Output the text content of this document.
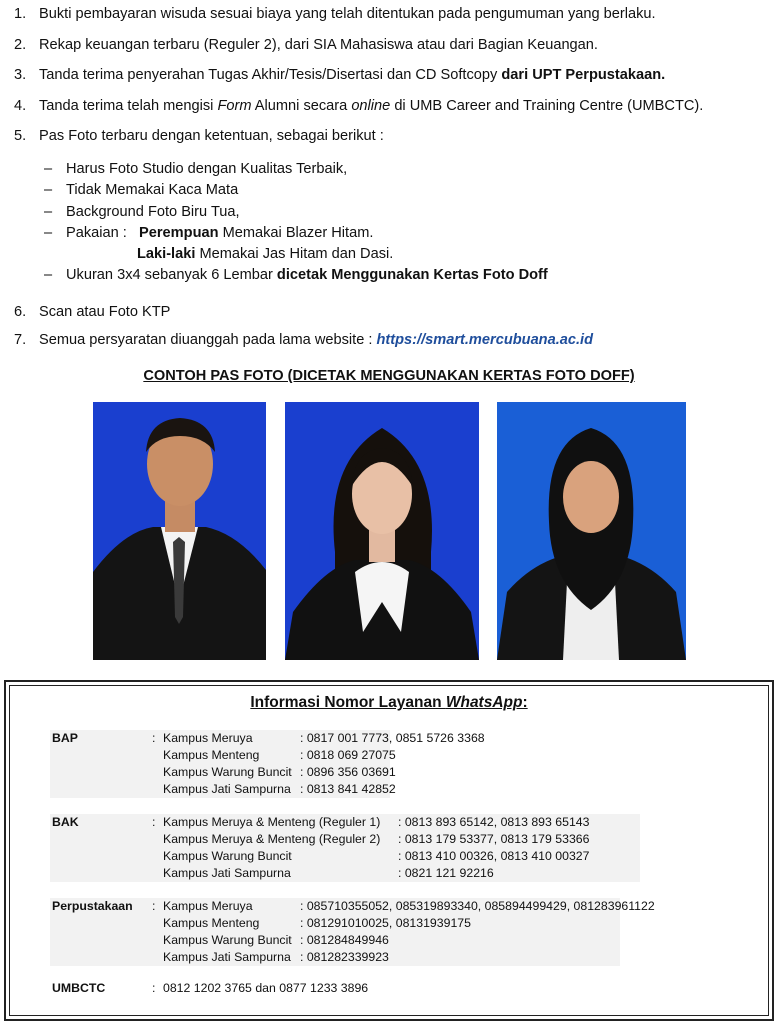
1. Bukti pembayaran wisuda sesuai biaya yang telah ditentukan pada pengumuman yang berlaku.
2. Rekap keuangan terbaru (Reguler 2), dari SIA Mahasiswa atau dari Bagian Keuangan.
3. Tanda terima penyerahan Tugas Akhir/Tesis/Disertasi dan CD Softcopy dari UPT Perpustakaan.
4. Tanda terima telah mengisi Form Alumni secara online di UMB Career and Training Centre (UMBCTC).
5. Pas Foto terbaru dengan ketentuan, sebagai berikut :
6. Scan atau Foto KTP
7. Semua persyaratan diuanggah pada lama website : https://smart.mercubuana.ac.id
– Harus Foto Studio dengan Kualitas Terbaik,
– Tidak Memakai Kaca Mata
– Background Foto Biru Tua,
– Pakaian : Perempuan Memakai Blazer Hitam.
Laki-laki Memakai Jas Hitam dan Dasi.
– Ukuran 3x4 sebanyak 6 Lembar dicetak Menggunakan Kertas Foto Doff
CONTOH PAS FOTO (DICETAK MENGGUNAKAN KERTAS FOTO DOFF)
Informasi Nomor Layanan WhatsApp:
BAP	: Kampus Meruya	: 0817 001 7773, 0851 5726 3368
Kampus Menteng	: 0818 069 27075
Kampus Warung Buncit : 0896 356 03691
Kampus Jati Sampurna : 0813 841 42852
BAK	: Kampus Meruya & Menteng (Reguler 1) : 0813 893 65142, 0813 893 65143
Kampus Meruya & Menteng (Reguler 2) : 0813 179 53377, 0813 179 53366
Kampus Warung Buncit	: 0813 410 00326, 0813 410 00327
Kampus Jati Sampurna	: 0821 121 92216
Perpustakaan : Kampus Meruya	: 085710355052, 085319893340, 085894499429, 081283961122
Kampus Menteng	: 081291010025, 08131939175
Kampus Warung Buncit : 081284849946
Kampus Jati Sampurna : 081282339923
UMBCTC	: 0812 1202 3765 dan 0877 1233 3896
